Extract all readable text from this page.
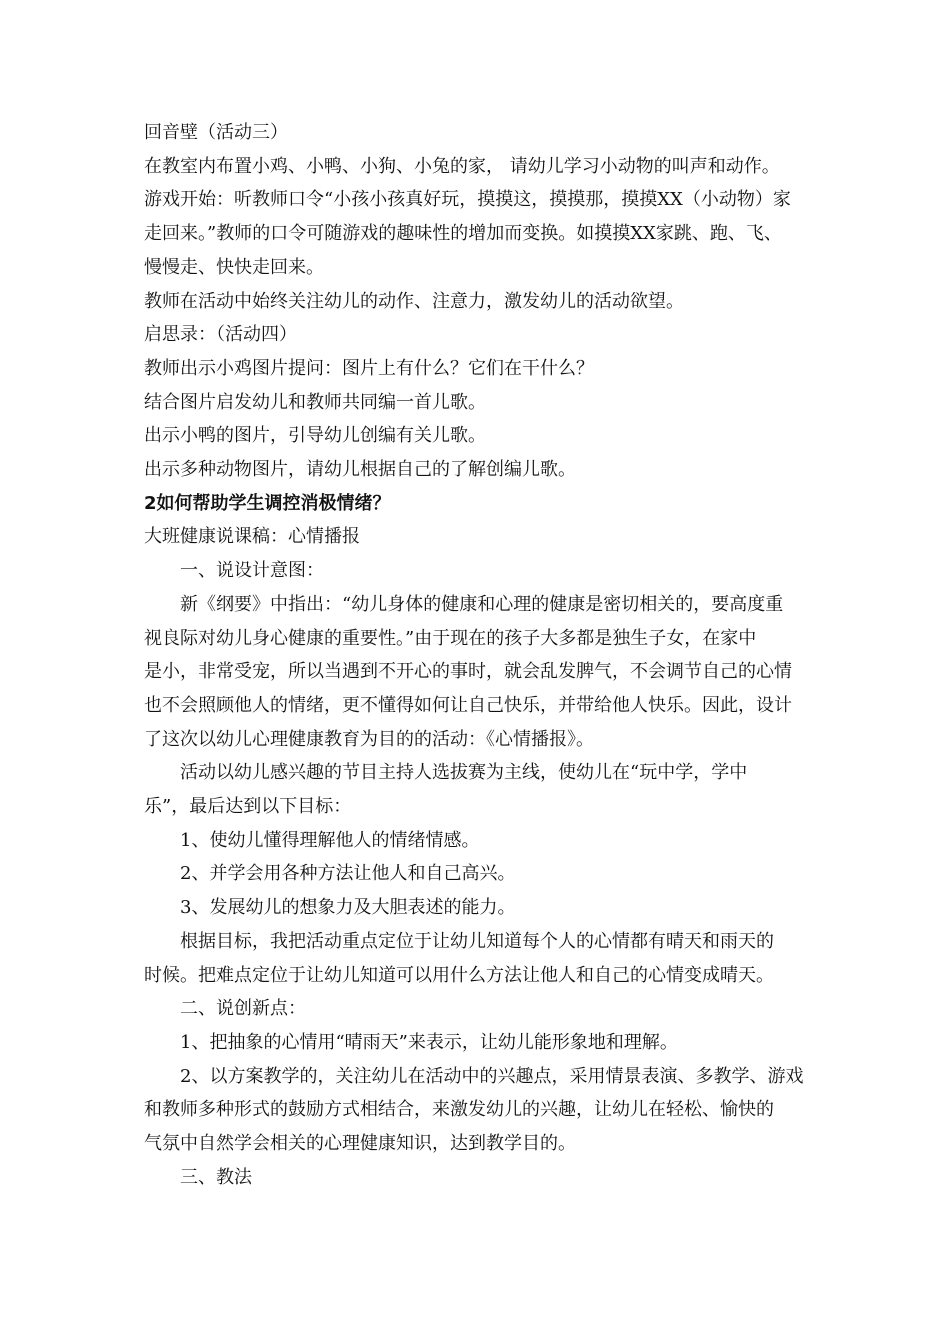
回音壁（活动三）
在教室内布置小鸡、小鸭、小狗、小兔的家， 请幼儿学习小动物的叫声和动作。
游戏开始：听教师口令“小孩小孩真好玩，摸摸这，摸摸那，摸摸XX（小动物）家
走回来。”教师的口令可随游戏的趣味性的增加而变换。如摸摸XX家跳、跑、飞、
慢慢走、快快走回来。
教师在活动中始终关注幼儿的动作、注意力，激发幼儿的活动欲望。
启思录：（活动四）
教师出示小鸡图片提问：图片上有什么？它们在干什么？
结合图片启发幼儿和教师共同编一首儿歌。
出示小鸭的图片，引导幼儿创编有关儿歌。
出示多种动物图片，请幼儿根据自己的了解创编儿歌。
2如何帮助学生调控消极情绪？
大班健康说课稿：心情播报
一、说设计意图：
新《纲要》中指出：“幼儿身体的健康和心理的健康是密切相关的，要高度重
视良际对幼儿身心健康的重要性。”由于现在的孩子大多都是独生子女，在家中
是小，非常受宠，所以当遇到不开心的事时，就会乱发脾气，不会调节自己的心情
也不会照顾他人的情绪，更不懂得如何让自己快乐，并带给他人快乐。因此，设计
了这次以幼儿心理健康教育为目的的活动：《心情播报》。
活动以幼儿感兴趣的节目主持人选拔赛为主线，使幼儿在“玩中学，学中
乐”，最后达到以下目标：
1、使幼儿懂得理解他人的情绪情感。
2、并学会用各种方法让他人和自己高兴。
3、发展幼儿的想象力及大胆表述的能力。
根据目标，我把活动重点定位于让幼儿知道每个人的心情都有晴天和雨天的
时候。把难点定位于让幼儿知道可以用什么方法让他人和自己的心情变成晴天。
二、说创新点：
1、把抽象的心情用“晴雨天”来表示，让幼儿能形象地和理解。
2、以方案教学的，关注幼儿在活动中的兴趣点，采用情景表演、多教学、游戏
和教师多种形式的鼓励方式相结合，来激发幼儿的兴趣，让幼儿在轻松、愉快的
气氛中自然学会相关的心理健康知识，达到教学目的。
三、教法
